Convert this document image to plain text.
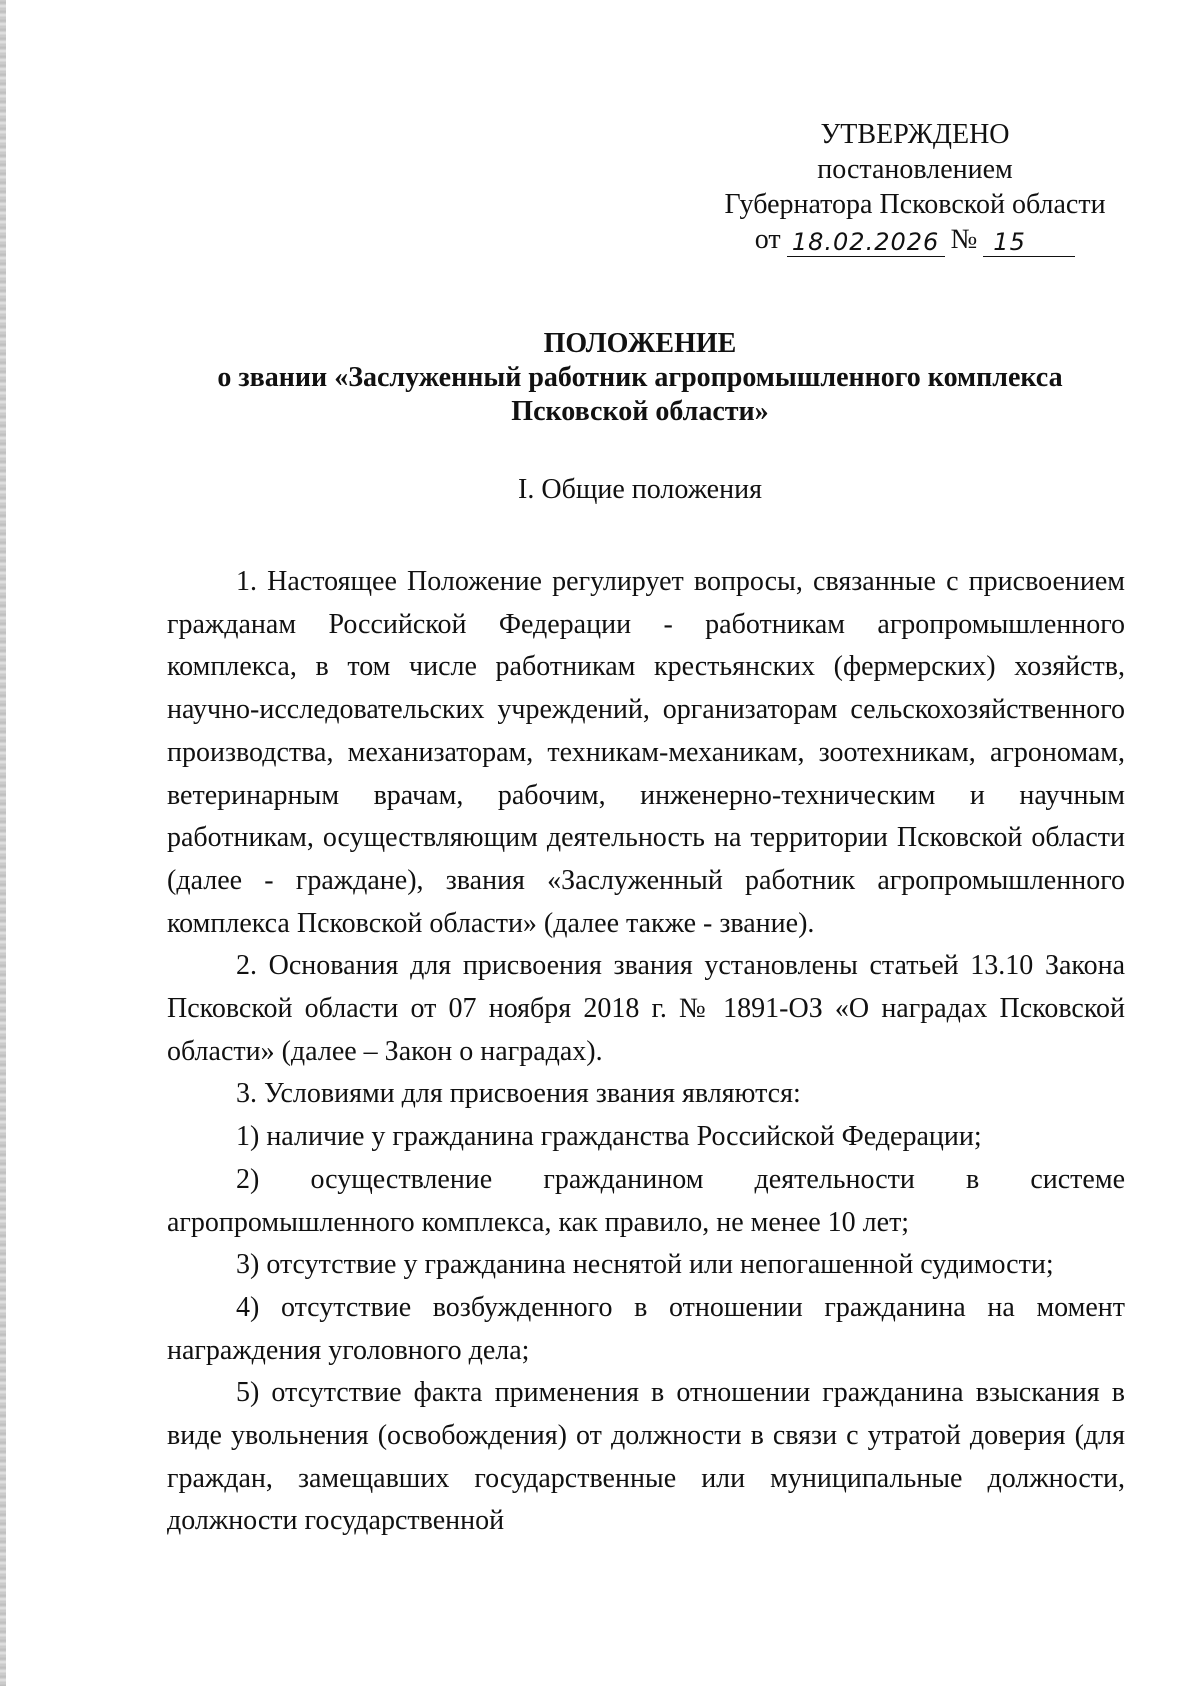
УТВЕРЖДЕНО
постановлением
Губернатора Псковской области
от 18.02.2026 № 15
ПОЛОЖЕНИЕ
о звании «Заслуженный работник агропромышленного комплекса
Псковской области»
I. Общие положения

1. Настоящее Положение регулирует вопросы, связанные с присвоением гражданам Российской Федерации - работникам агропромышленного комплекса, в том числе работникам крестьянских (фермерских) хозяйств, научно-исследовательских учреждений, организаторам сельскохозяйственного производства, механизаторам, техникам-механикам, зоотехникам, агрономам, ветеринарным врачам, рабочим, инженерно-техническим и научным работникам, осуществляющим деятельность на территории Псковской области (далее - граждане), звания «Заслуженный работник агропромышленного комплекса Псковской области» (далее также - звание).

2. Основания для присвоения звания установлены статьей 13.10 Закона Псковской области от 07 ноября 2018 г. № 1891-ОЗ «О наградах Псковской области» (далее – Закон о наградах).

3. Условиями для присвоения звания являются:

1) наличие у гражданина гражданства Российской Федерации;

2) осуществление гражданином деятельности в системе агропромышленного комплекса, как правило, не менее 10 лет;

3) отсутствие у гражданина неснятой или непогашенной судимости;

4) отсутствие возбужденного в отношении гражданина на момент награждения уголовного дела;

5) отсутствие факта применения в отношении гражданина взыскания в виде увольнения (освобождения) от должности в связи с утратой доверия (для граждан, замещавших государственные или муниципальные должности, должности государственной
